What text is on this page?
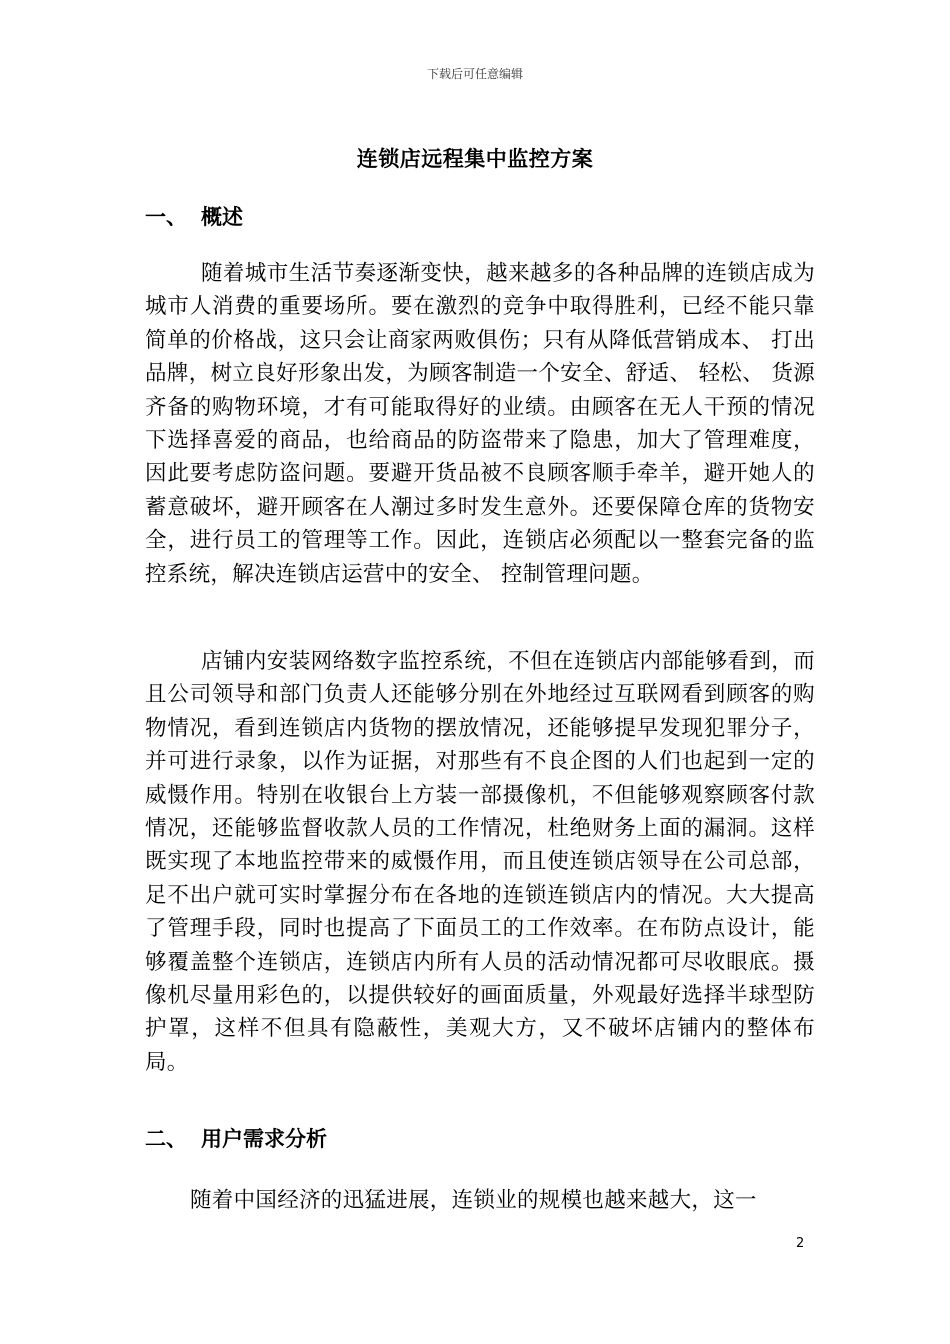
下载后可任意编辑
连锁店远程集中监控方案
一、 概述

随着城市生活节奏逐渐变快，越来越多的各种品牌的连锁店成为城市人消费的重要场所。要在激烈的竞争中取得胜利，已经不能只靠简单的价格战，这只会让商家两败俱伤；只有从降低营销成本、 打出品牌，树立良好形象出发，为顾客制造一个安全、舒适、 轻松、 货源齐备的购物环境，才有可能取得好的业绩。由顾客在无人干预的情况下选择喜爱的商品，也给商品的防盗带来了隐患，加大了管理难度，因此要考虑防盗问题。要避开货品被不良顾客顺手牵羊，避开她人的蓄意破坏，避开顾客在人潮过多时发生意外。还要保障仓库的货物安全，进行员工的管理等工作。因此，连锁店必须配以一整套完备的监控系统，解决连锁店运营中的安全、 控制管理问题。

店铺内安装网络数字监控系统，不但在连锁店内部能够看到，而且公司领导和部门负责人还能够分别在外地经过互联网看到顾客的购物情况，看到连锁店内货物的摆放情况，还能够提早发现犯罪分子，并可进行录象，以作为证据，对那些有不良企图的人们也起到一定的威慑作用。特别在收银台上方装一部摄像机，不但能够观察顾客付款情况，还能够监督收款人员的工作情况，杜绝财务上面的漏洞。这样既实现了本地监控带来的威慑作用，而且使连锁店领导在公司总部，足不出户就可实时掌握分布在各地的连锁连锁店内的情况。大大提高了管理手段，同时也提高了下面员工的工作效率。在布防点设计，能够覆盖整个连锁店，连锁店内所有人员的活动情况都可尽收眼底。摄像机尽量用彩色的，以提供较好的画面质量，外观最好选择半球型防护罩，这样不但具有隐蔽性，美观大方，又不破坏店铺内的整体布局。

二、 用户需求分析

随着中国经济的迅猛进展，连锁业的规模也越来越大，这一

2
